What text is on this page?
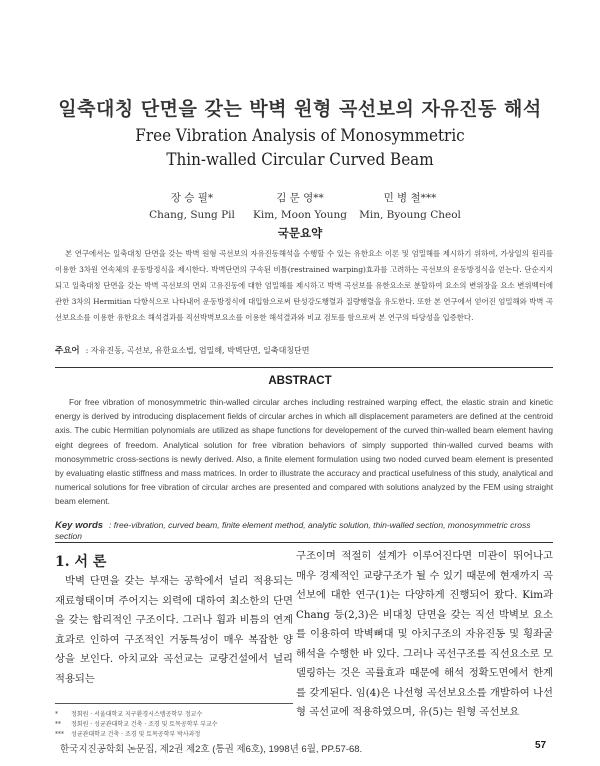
일축대칭 단면을 갖는 박벽 원형 곡선보의 자유진동 해석
Free Vibration Analysis of Monosymmetric
Thin-walled Circular Curved Beam
장 승 필*
Chang, Sung Pil
김 문 영**
Kim, Moon Young
민 병 철***
Min, Byoung Cheol
국문요약
본 연구에서는 일축대칭 단면을 갖는 박벽 원형 곡선보의 자유진동해석을 수행할 수 있는 유한요소 이론 및 엄밀해를 제시하기 위하여, 가상일의 원리를 이용한 3차원 연속체의 운동방정식을 제시한다. 박벽단면의 구속된 비틈(restrained warping)효과를 고려하는 곡선보의 운동방정식을 얻는다. 단순지지되고 일축대칭 단면을 갖는 박벽 곡선보의 면외 고유진동에 대한 엄밀해를 제시하고 박벽 곡선보를 유한요소로 분할하여 요소의 변위장을 요소 변위벡터에 관한 3차의 Hermitian 다항식으로 나타내어 운동방정식에 대입함으로써 탄성강도행렬과 질량행렬을 유도한다. 또한 본 연구에서 얻어진 엄밀해와 박벽 곡선보요소를 이용한 유한요소 해석결과를 직선박벽보요소를 이용한 해석결과와 비교 검토를 함으로써 본 연구의 타당성을 입증한다.
주요어 : 자유진동, 곡선보, 유한요소법, 엄밀해, 박벽단면, 일축대칭단면
ABSTRACT
For free vibration of monosymmetric thin-walled circular arches including restrained warping effect, the elastic strain and kinetic energy is derived by introducing displacement fields of circular arches in which all displacement parameters are defined at the centroid axis. The cubic Hermitian polynomials are utilized as shape functions for developement of the curved thin-walled beam element having eight degrees of freedom. Analytical solution for free vibration behaviors of simply supported thin-walled curved beams with monosymmetric cross-sections is newly derived. Also, a finite element formulation using two noded curved beam element is presented by evaluating elastic stiffness and mass matrices. In order to illustrate the accuracy and practical usefulness of this study, analytical and numerical solutions for free vibration of circular arches are presented and compared with solutions analyzed by the FEM using straight beam element.
Key words : free-vibration, curved beam, finite element method, analytic solution, thin-walled section, monosymmetric cross section
1. 서 론
박벽 단면을 갖는 부재는 공학에서 널리 적용되는 재료형태이며 주어지는 외력에 대하여 최소한의 단면을 갖는 합리적인 구조이다. 그러나 휨과 비틈의 연계효과로 인하여 구조적인 거동특성이 매우 복잡한 양상을 보인다. 아치교와 곡선교는 교량건설에서 널리 적용되는
구조이며 적절히 설계가 이루어진다면 미관이 뛰어나고 매우 경제적인 교량구조가 될 수 있기 때문에 현재까지 곡선보에 대한 연구(1)는 다양하게 진행되어 왔다. Kim과 Chang 등(2,3)은 비대칭 단면을 갖는 직선 박벽보 요소를 이용하여 박벽뼈대 및 아치구조의 자유진동 및 횡좌굴해석을 수행한 바 있다. 그러나 곡선구조를 직선요소로 모델링하는 것은 곡률효과 때문에 해석 정확도면에서 한계를 갖게된다. 임(4)은 나선형 곡선보요소를 개발하여 나선형 곡선교에 적용하였으며, 유(5)는 원형 곡선보요
*	정회원 · 서울대학교 지구환경시스템공학부 정교수
**	정회원 · 성균관대학교 건축 · 조경 및 토목공학부 부교수
***	성균관대학교 건축 · 조경 및 토목공학부 박사과정
한국지진공학회 논문집, 제2권 제2호 (통권 제6호), 1998년 6월, PP.57-68.	57
